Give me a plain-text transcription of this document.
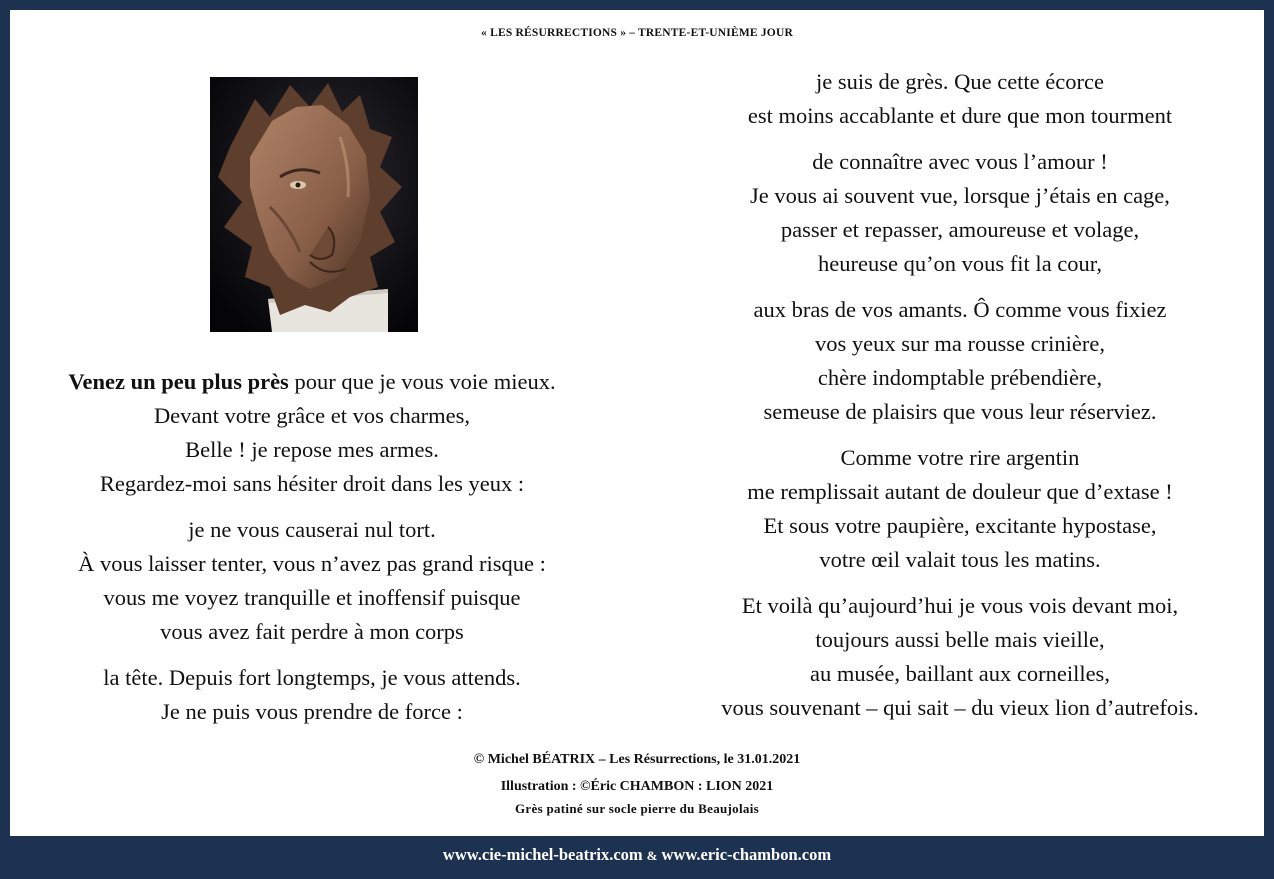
« LES RÉSURRECTIONS » – TRENTE-ET-UNIÈME JOUR
Venez un peu plus près pour que je vous voie mieux.
Devant votre grâce et vos charmes,
Belle ! je repose mes armes.
Regardez-moi sans hésiter droit dans les yeux :
je ne vous causerai nul tort.
À vous laisser tenter, vous n’avez pas grand risque :
vous me voyez tranquille et inoffensif puisque
vous avez fait perdre à mon corps
la tête. Depuis fort longtemps, je vous attends.
Je ne puis vous prendre de force :
je suis de grès. Que cette écorce
est moins accablante et dure que mon tourment
de connaître avec vous l’amour !
Je vous ai souvent vue, lorsque j’étais en cage,
passer et repasser, amoureuse et volage,
heureuse qu’on vous fit la cour,
aux bras de vos amants. Ô comme vous fixiez
vos yeux sur ma rousse crinière,
chère indomptable prébendière,
semeuse de plaisirs que vous leur réserviez.
Comme votre rire argentin
me remplissait autant de douleur que d’extase !
Et sous votre paupière, excitante hypostase,
votre œil valait tous les matins.
Et voilà qu’aujourd’hui je vous vois devant moi,
toujours aussi belle mais vieille,
au musée, baillant aux corneilles,
vous souvenant – qui sait – du vieux lion d’autrefois.
© Michel BÉATRIX – Les Résurrections, le 31.01.2021
Illustration : ©Éric CHAMBON : LION 2021
Grès patiné sur socle pierre du Beaujolais
www.cie-michel-beatrix.com & www.eric-chambon.com
